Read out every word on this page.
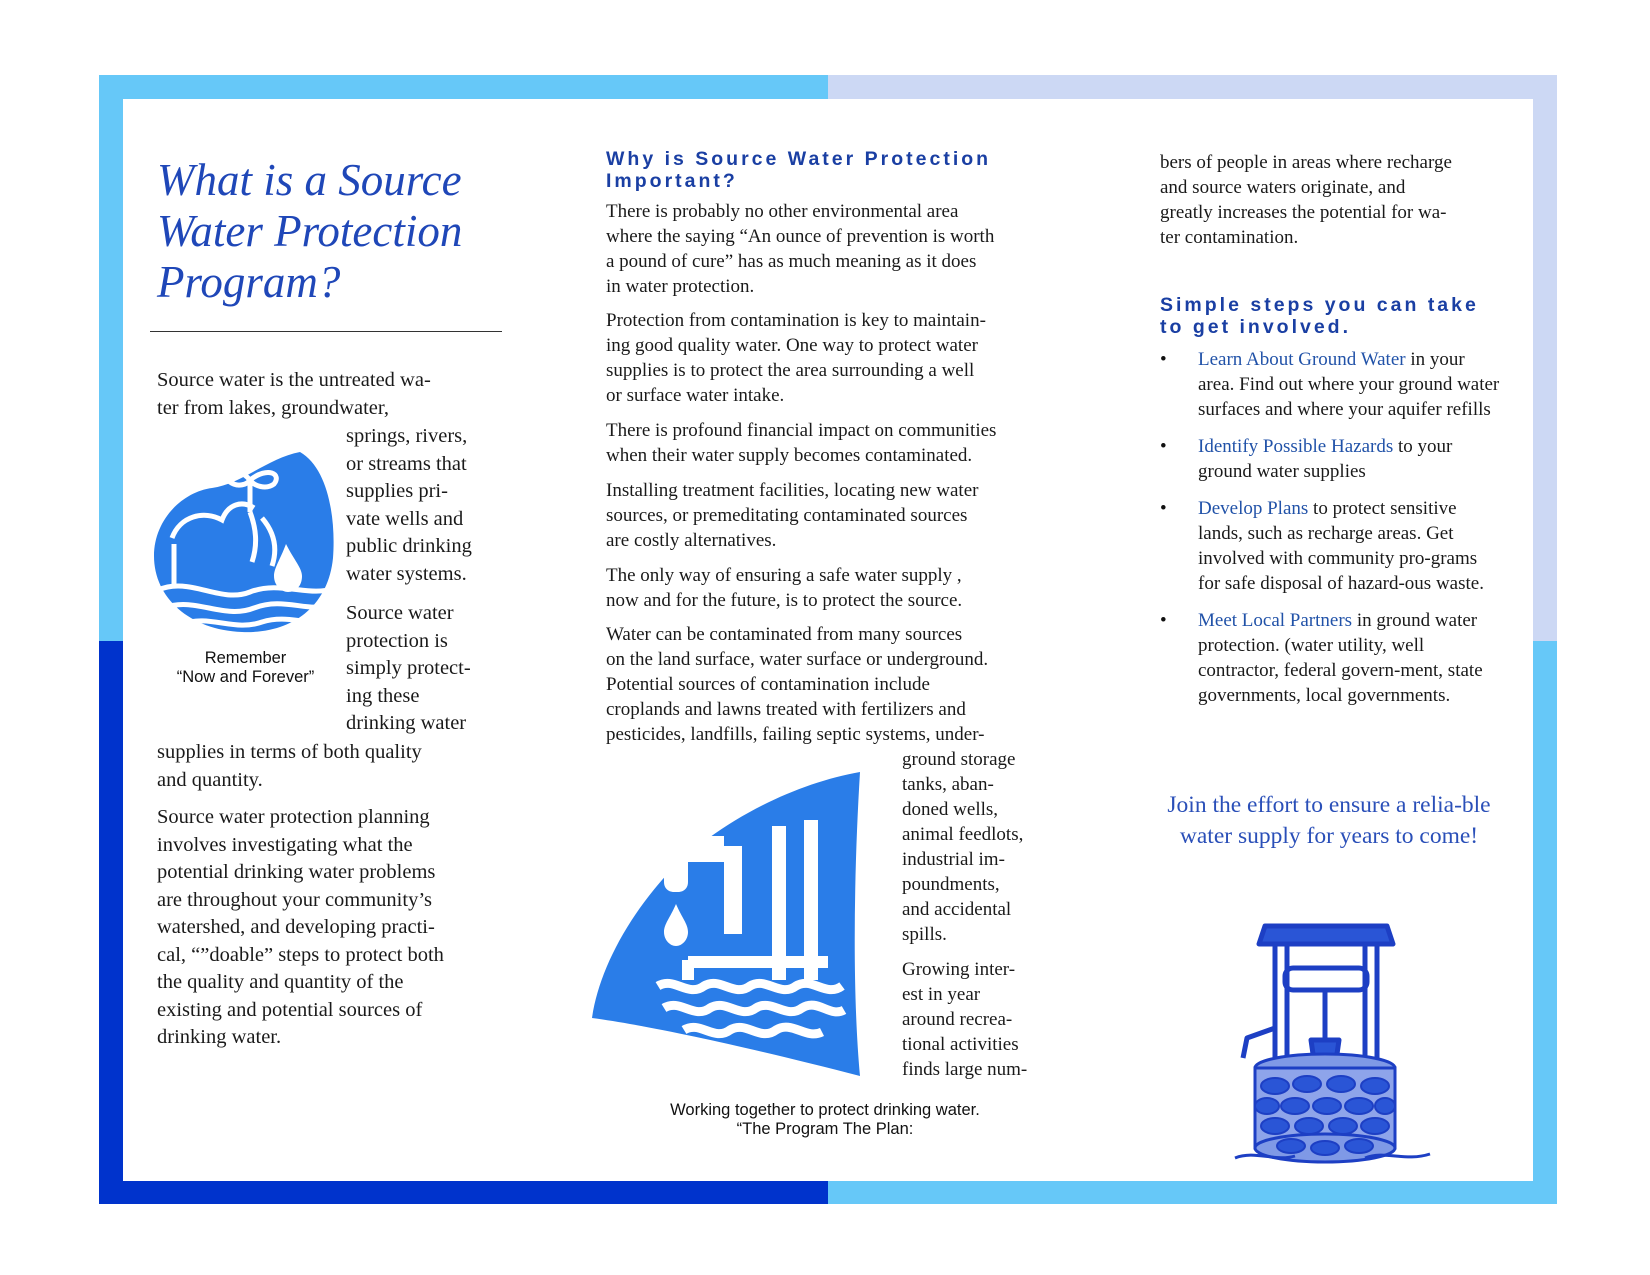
What is a Source Water Protection Program?
Source water is the untreated wa-
ter from lakes, groundwater,
springs, rivers,
or streams that
supplies pri-
vate wells and
public drinking
water systems.
Source water
protection is
simply protect-
ing these
drinking water
supplies in terms of both quality
and quantity.
Source water protection planning
involves investigating what the
potential drinking water problems
are throughout your community’s
watershed, and developing practi-
cal, “”doable” steps to protect both
the quality and quantity of the
existing and potential sources of
drinking water.
Remember
“Now and Forever”
Why is Source Water Protection
Important?
There is probably no other environmental area
where the saying “An ounce of prevention is worth
a pound of cure” has as much meaning as it does
in water protection.
Protection from contamination is key to maintain-
ing good quality water. One way to protect water
supplies is to protect the area surrounding a well
or surface water intake.
There is profound financial impact on communities
when their water supply becomes contaminated.
Installing treatment facilities, locating new water
sources, or premeditating contaminated sources
are costly alternatives.
The only way of ensuring a safe water supply ,
now and for the future, is to protect the source.
Water can be contaminated from many sources
on the land surface, water surface or underground.
Potential sources of contamination include
croplands and lawns treated with fertilizers and
pesticides, landfills, failing septic systems, under-
ground storage
tanks, aban-
doned wells,
animal feedlots,
industrial im-
poundments,
and accidental
spills.
Growing inter-
est in year
around recrea-
tional activities
finds large num-
Working together to protect drinking water.
“The Program The Plan:
bers of people in areas where recharge
and source waters originate, and
greatly increases the potential for wa-
ter contamination.
Simple steps you can take
to get involved.
• Learn About Ground Water in your area. Find out where your ground water surfaces and where your aquifer refills
• Identify Possible Hazards to your ground water supplies
• Develop Plans to protect sensitive lands, such as recharge areas. Get involved with community pro-grams for safe disposal of hazard-ous waste.
• Meet Local Partners in ground water protection. (water utility, well contractor, federal govern-ment, state governments, local governments.

Join the effort to ensure a relia-ble water supply for years to come!
